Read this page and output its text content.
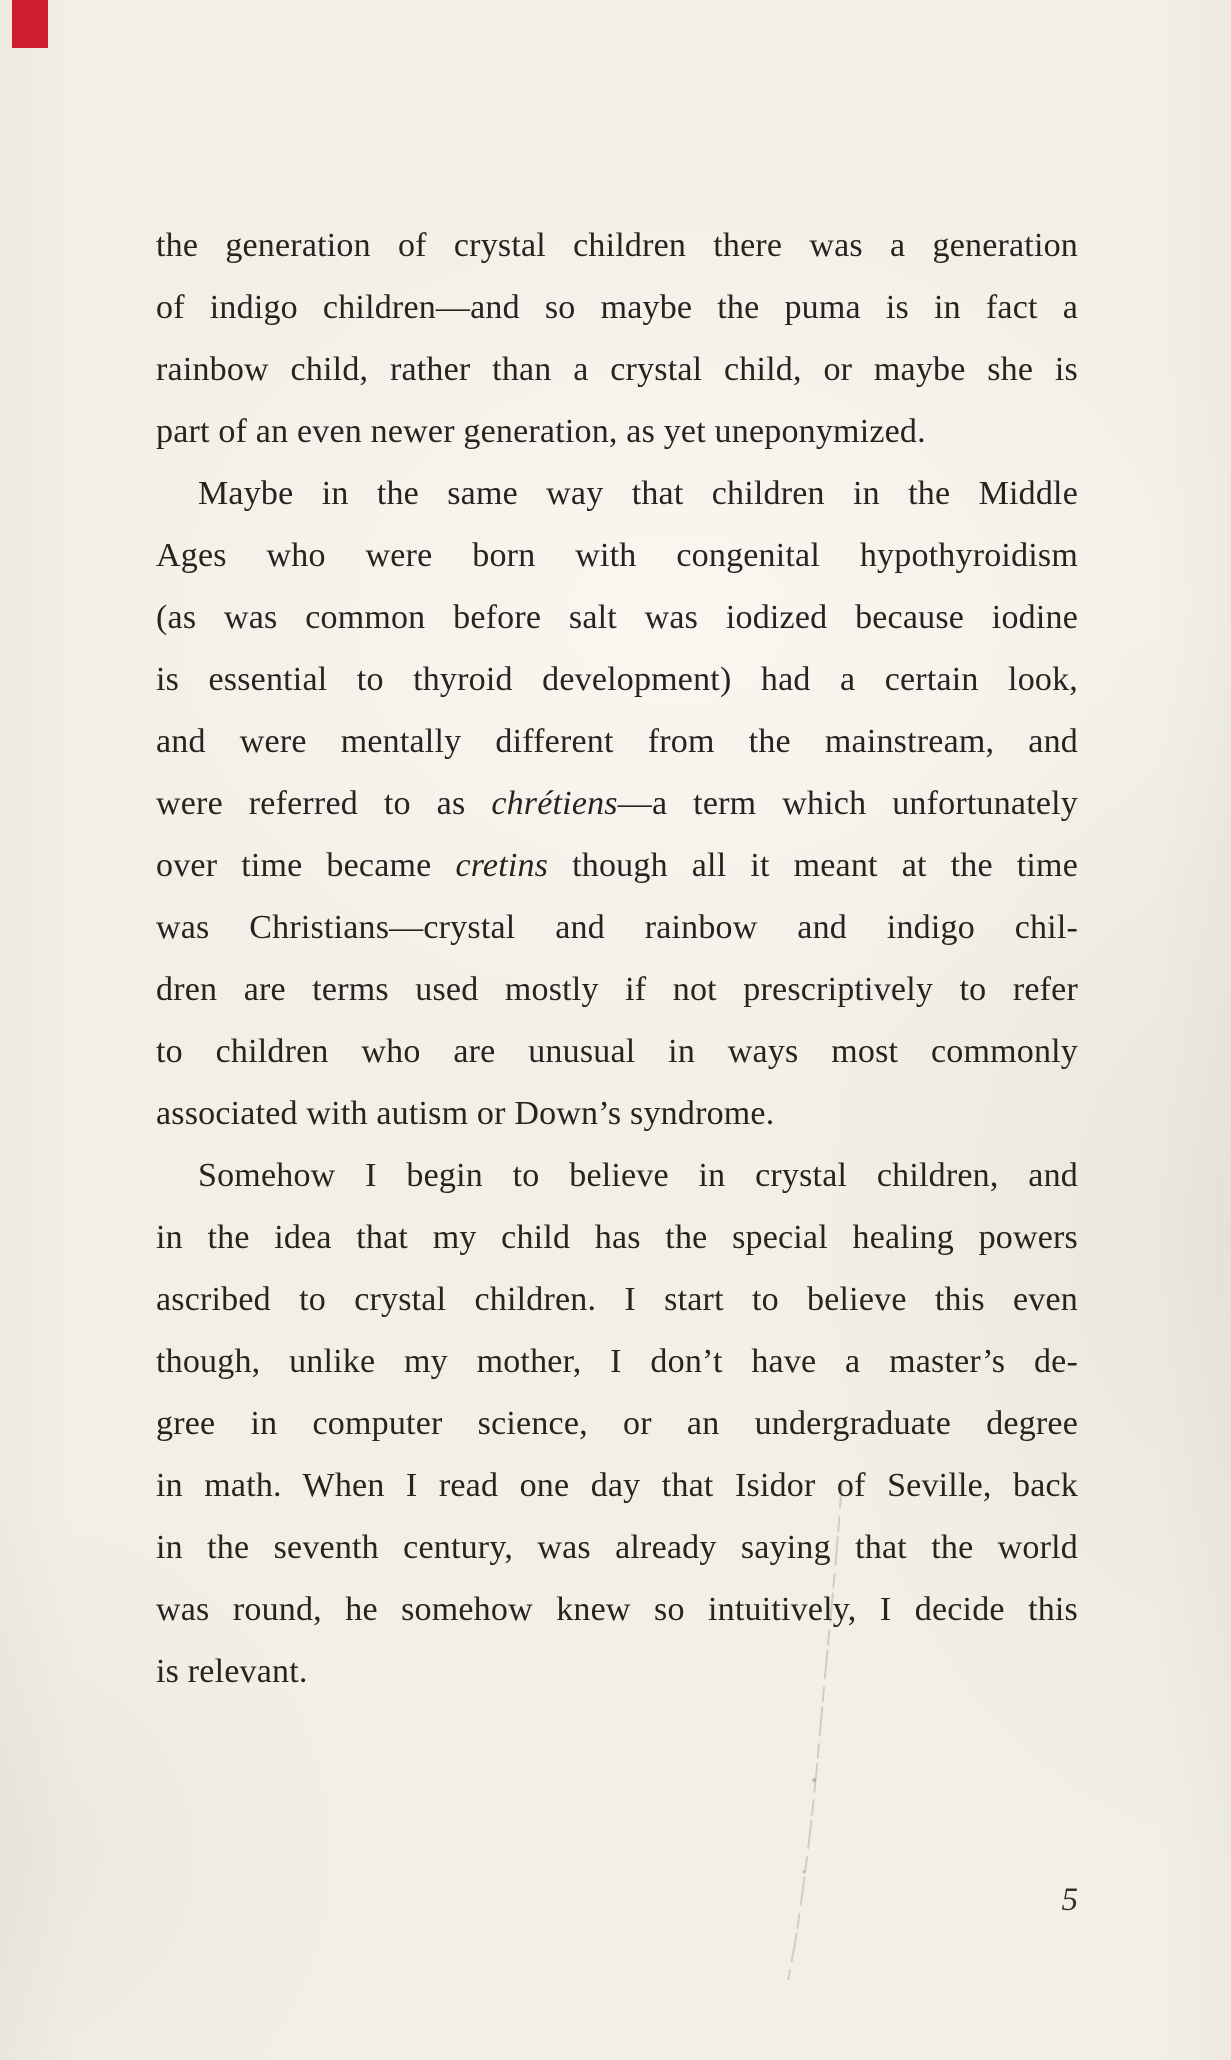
the generation of crystal children there was a generation
of indigo children—and so maybe the puma is in fact a
rainbow child, rather than a crystal child, or maybe she is
part of an even newer generation, as yet uneponymized.
Maybe in the same way that children in the Middle
Ages who were born with congenital hypothyroidism
(as was common before salt was iodized because iodine
is essential to thyroid development) had a certain look,
and were mentally different from the mainstream, and
were referred to as chrétiens—a term which unfortunately
over time became cretins though all it meant at the time
was Christians—crystal and rainbow and indigo chil-
dren are terms used mostly if not prescriptively to refer
to children who are unusual in ways most commonly
associated with autism or Down’s syndrome.
Somehow I begin to believe in crystal children, and
in the idea that my child has the special healing powers
ascribed to crystal children. I start to believe this even
though, unlike my mother, I don’t have a master’s de-
gree in computer science, or an undergraduate degree
in math. When I read one day that Isidor of Seville, back
in the seventh century, was already saying that the world
was round, he somehow knew so intuitively, I decide this
is relevant.
5
